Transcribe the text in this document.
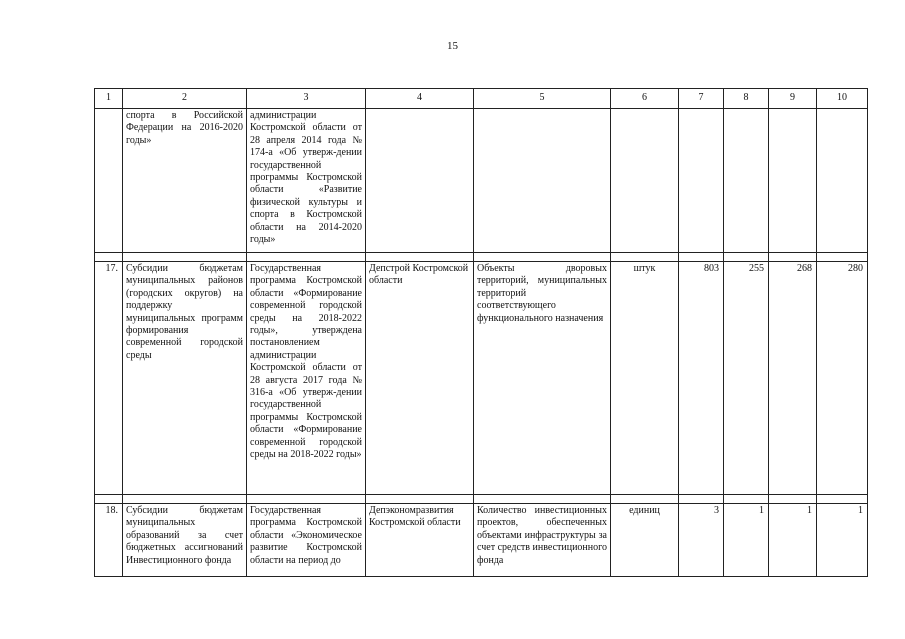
15
1	2	3	4	5	6	7	8	9	10
	спорта в Российской Федерации на 2016-2020 годы»	администрации Костромской области от 28 апреля 2014 года № 174-а «Об утверж-дении государственной программы Костромской области «Развитие физической культуры и спорта в Костромской области на 2014-2020 годы»							

17.	Субсидии бюджетам муниципальных районов (городских округов) на поддержку муниципальных программ формирования современной городской среды	Государственная программа Костромской области «Формирование современной городской среды на 2018-2022 годы», утверждена постановлением администрации Костромской области от 28 августа 2017 года № 316-а «Об утверж-дении государственной программы Костромской области «Формирование современной городской среды на 2018-2022 годы»	Депстрой Костромской области	Объекты дворовых территорий, муниципальных территорий соответствующего функционального назначения	штук	803	255	268	280

18.	Субсидии бюджетам муниципальных образований за счет бюджетных ассигнований Инвестиционного фонда	Государственная программа Костромской области «Экономическое развитие Костромской области на период до	Депэкономразвития Костромской области	Количество инвестиционных проектов, обеспеченных объектами инфраструктуры за счет средств инвестиционного фонда	единиц	3	1	1	1
